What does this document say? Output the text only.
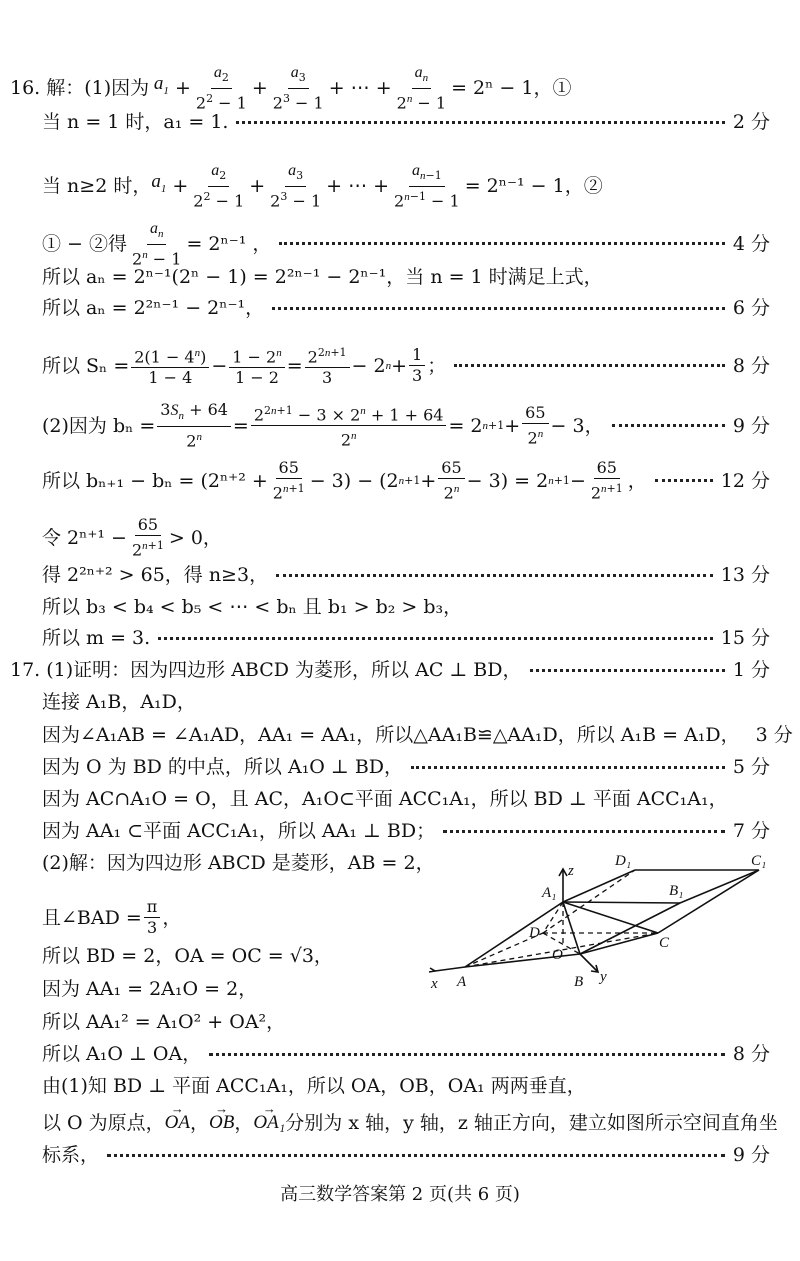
16. 解：(1)因为 $a_1 + \frac{a_2}{2^2 - 1} + \frac{a_3}{2^3 - 1}$ + ⋯ + $\frac{a_n}{2^n - 1} = 2^n - 1$，①
当 n = 1 时，a₁ = 1.	2 分
当 n≥2 时， $a_1 + \frac{a_2}{2^2 - 1} + \frac{a_3}{2^3 - 1}$ + ⋯ + $\frac{a_{n-1}}{2^{n-1} - 1} = 2^{n-1} - 1$，②
① − ②得 $\frac{a_n}{2^n - 1} = 2^{n-1}$ ，	4 分
所以 aₙ = 2ⁿ⁻¹(2ⁿ − 1) = 2²ⁿ⁻¹ − 2ⁿ⁻¹，当 n = 1 时满足上式，
所以 aₙ = 2²ⁿ⁻¹ − 2ⁿ⁻¹，	6 分
所以 $S_n = \frac{2(1 - 4^n)}{1 - 4} - \frac{1 - 2^n}{1 - 2} = \frac{2^{2n+1}}{3} - 2$ $n + \frac{1}{3}$ ；	8 分
(2)因为 $b_n = \frac{3S_n + 64}{2^n} = \frac{2^{2n+1} - 3 \times 2^n + 1 + 64}{2^n} = 2$ $n+1 + \frac{65}{2^n} - 3$，	9 分
所以 $b_{n+1} - b_n = (2^{n+2} + \frac{65}{2^{n+1}} - 3) - (2$ $n+1 + \frac{65}{2^n} - 3) = 2$ $n+1 - \frac{65}{2^{n+1}}$ ，	12 分
令 $2^{n+1} - \frac{65}{2^{n+1}} > 0$，
得 2²ⁿ⁺² > 65，得 n≥3，	13 分
所以 b₃ < b₄ < b₅ < ⋯ < bₙ 且 b₁ > b₂ > b₃，
所以 m = 3.	15 分
17. (1)证明：因为四边形 ABCD 为菱形，所以 AC ⊥ BD，	1 分
连接 A₁B，A₁D，
因为∠A₁AB = ∠A₁AD，AA₁ = AA₁，所以△AA₁B≌△AA₁D，所以 A₁B = A₁D， 3 分
因为 O 为 BD 的中点，所以 A₁O ⊥ BD，	5 分
因为 AC∩A₁O = O，且 AC，A₁O⊂平面 ACC₁A₁，所以 BD ⊥ 平面 ACC₁A₁，
因为 AA₁ ⊂平面 ACC₁A₁，所以 AA₁ ⊥ BD；	7 分
(2)解：因为四边形 ABCD 是菱形，AB = 2，
且∠BAD = $\frac{\pi}{3}$ ，
所以 BD = 2，OA = OC = √3，
因为 AA₁ = 2A₁O = 2，
所以 AA₁² = A₁O² + OA²，
所以 A₁O ⊥ OA，	8 分
由(1)知 BD ⊥ 平面 ACC₁A₁，所以 OA，OB，OA₁ 两两垂直，
以 O 为原点， → OA ， → OB ， → OA₁ 分别为 x 轴，y 轴，z 轴正方向，建立如图所示空间直角坐
标系，	9 分
D₁	C₁
A₁	B₁
D
C
O
A	B
x	y
z
高三数学答案第 2 页(共 6 页)
